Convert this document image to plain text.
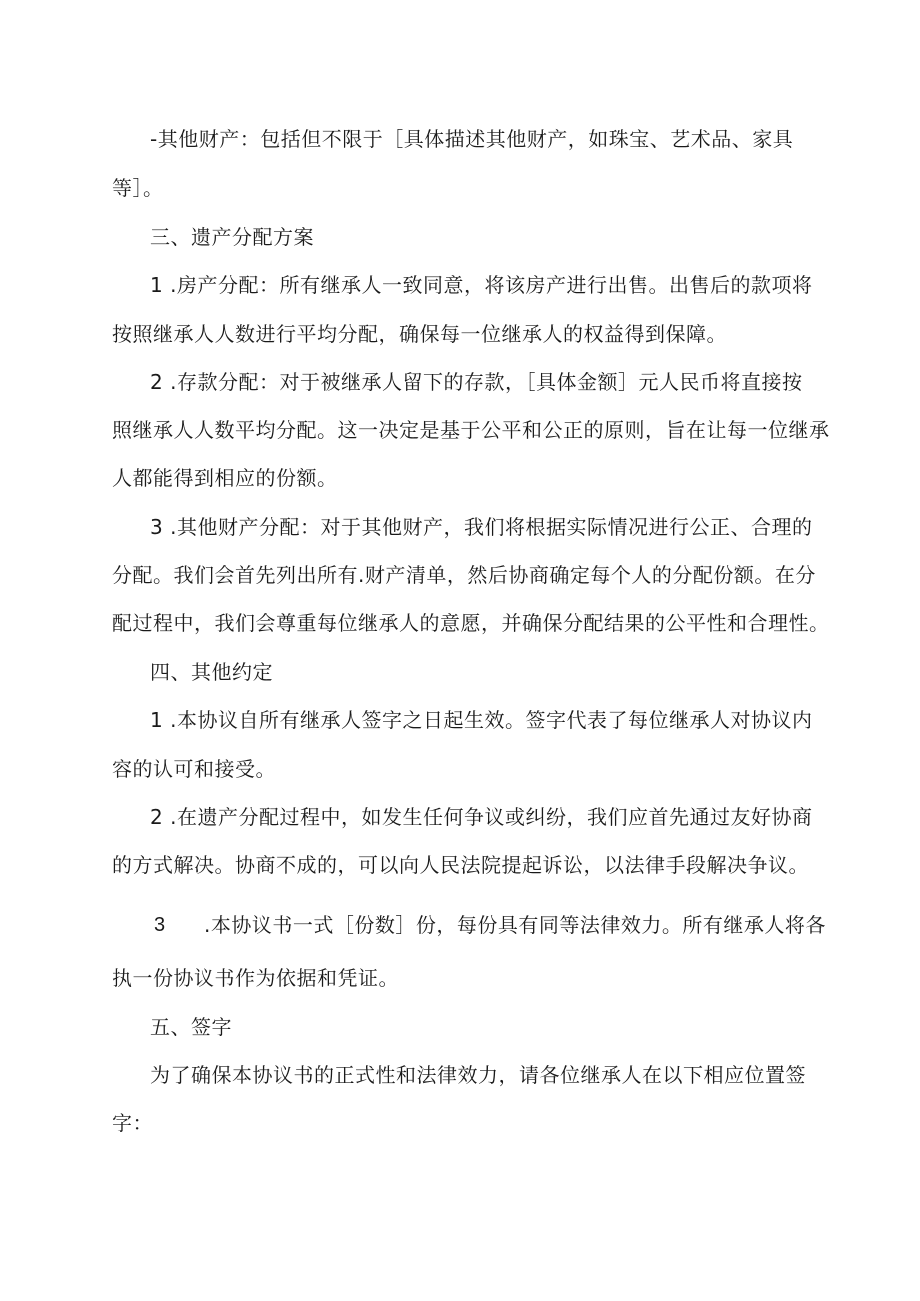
-其他财产：包括但不限于［具体描述其他财产，如珠宝、艺术品、家具
等］。
三、遗产分配方案
1 .房产分配：所有继承人一致同意，将该房产进行出售。出售后的款项将
按照继承人人数进行平均分配，确保每一位继承人的权益得到保障。
2 .存款分配：对于被继承人留下的存款，［具体金额］元人民币将直接按
照继承人人数平均分配。这一决定是基于公平和公正的原则，旨在让每一位继承
人都能得到相应的份额。
3 .其他财产分配：对于其他财产，我们将根据实际情况进行公正、合理的
分配。我们会首先列出所有.财产清单，然后协商确定每个人的分配份额。在分
配过程中，我们会尊重每位继承人的意愿，并确保分配结果的公平性和合理性。
四、其他约定
1 .本协议自所有继承人签字之日起生效。签字代表了每位继承人对协议内
容的认可和接受。
2 .在遗产分配过程中，如发生任何争议或纠纷，我们应首先通过友好协商
的方式解决。协商不成的，可以向人民法院提起诉讼，以法律手段解决争议。
3 .本协议书一式［份数］份，每份具有同等法律效力。所有继承人将各
执一份协议书作为依据和凭证。
五、签字
为了确保本协议书的正式性和法律效力，请各位继承人在以下相应位置签
字：
